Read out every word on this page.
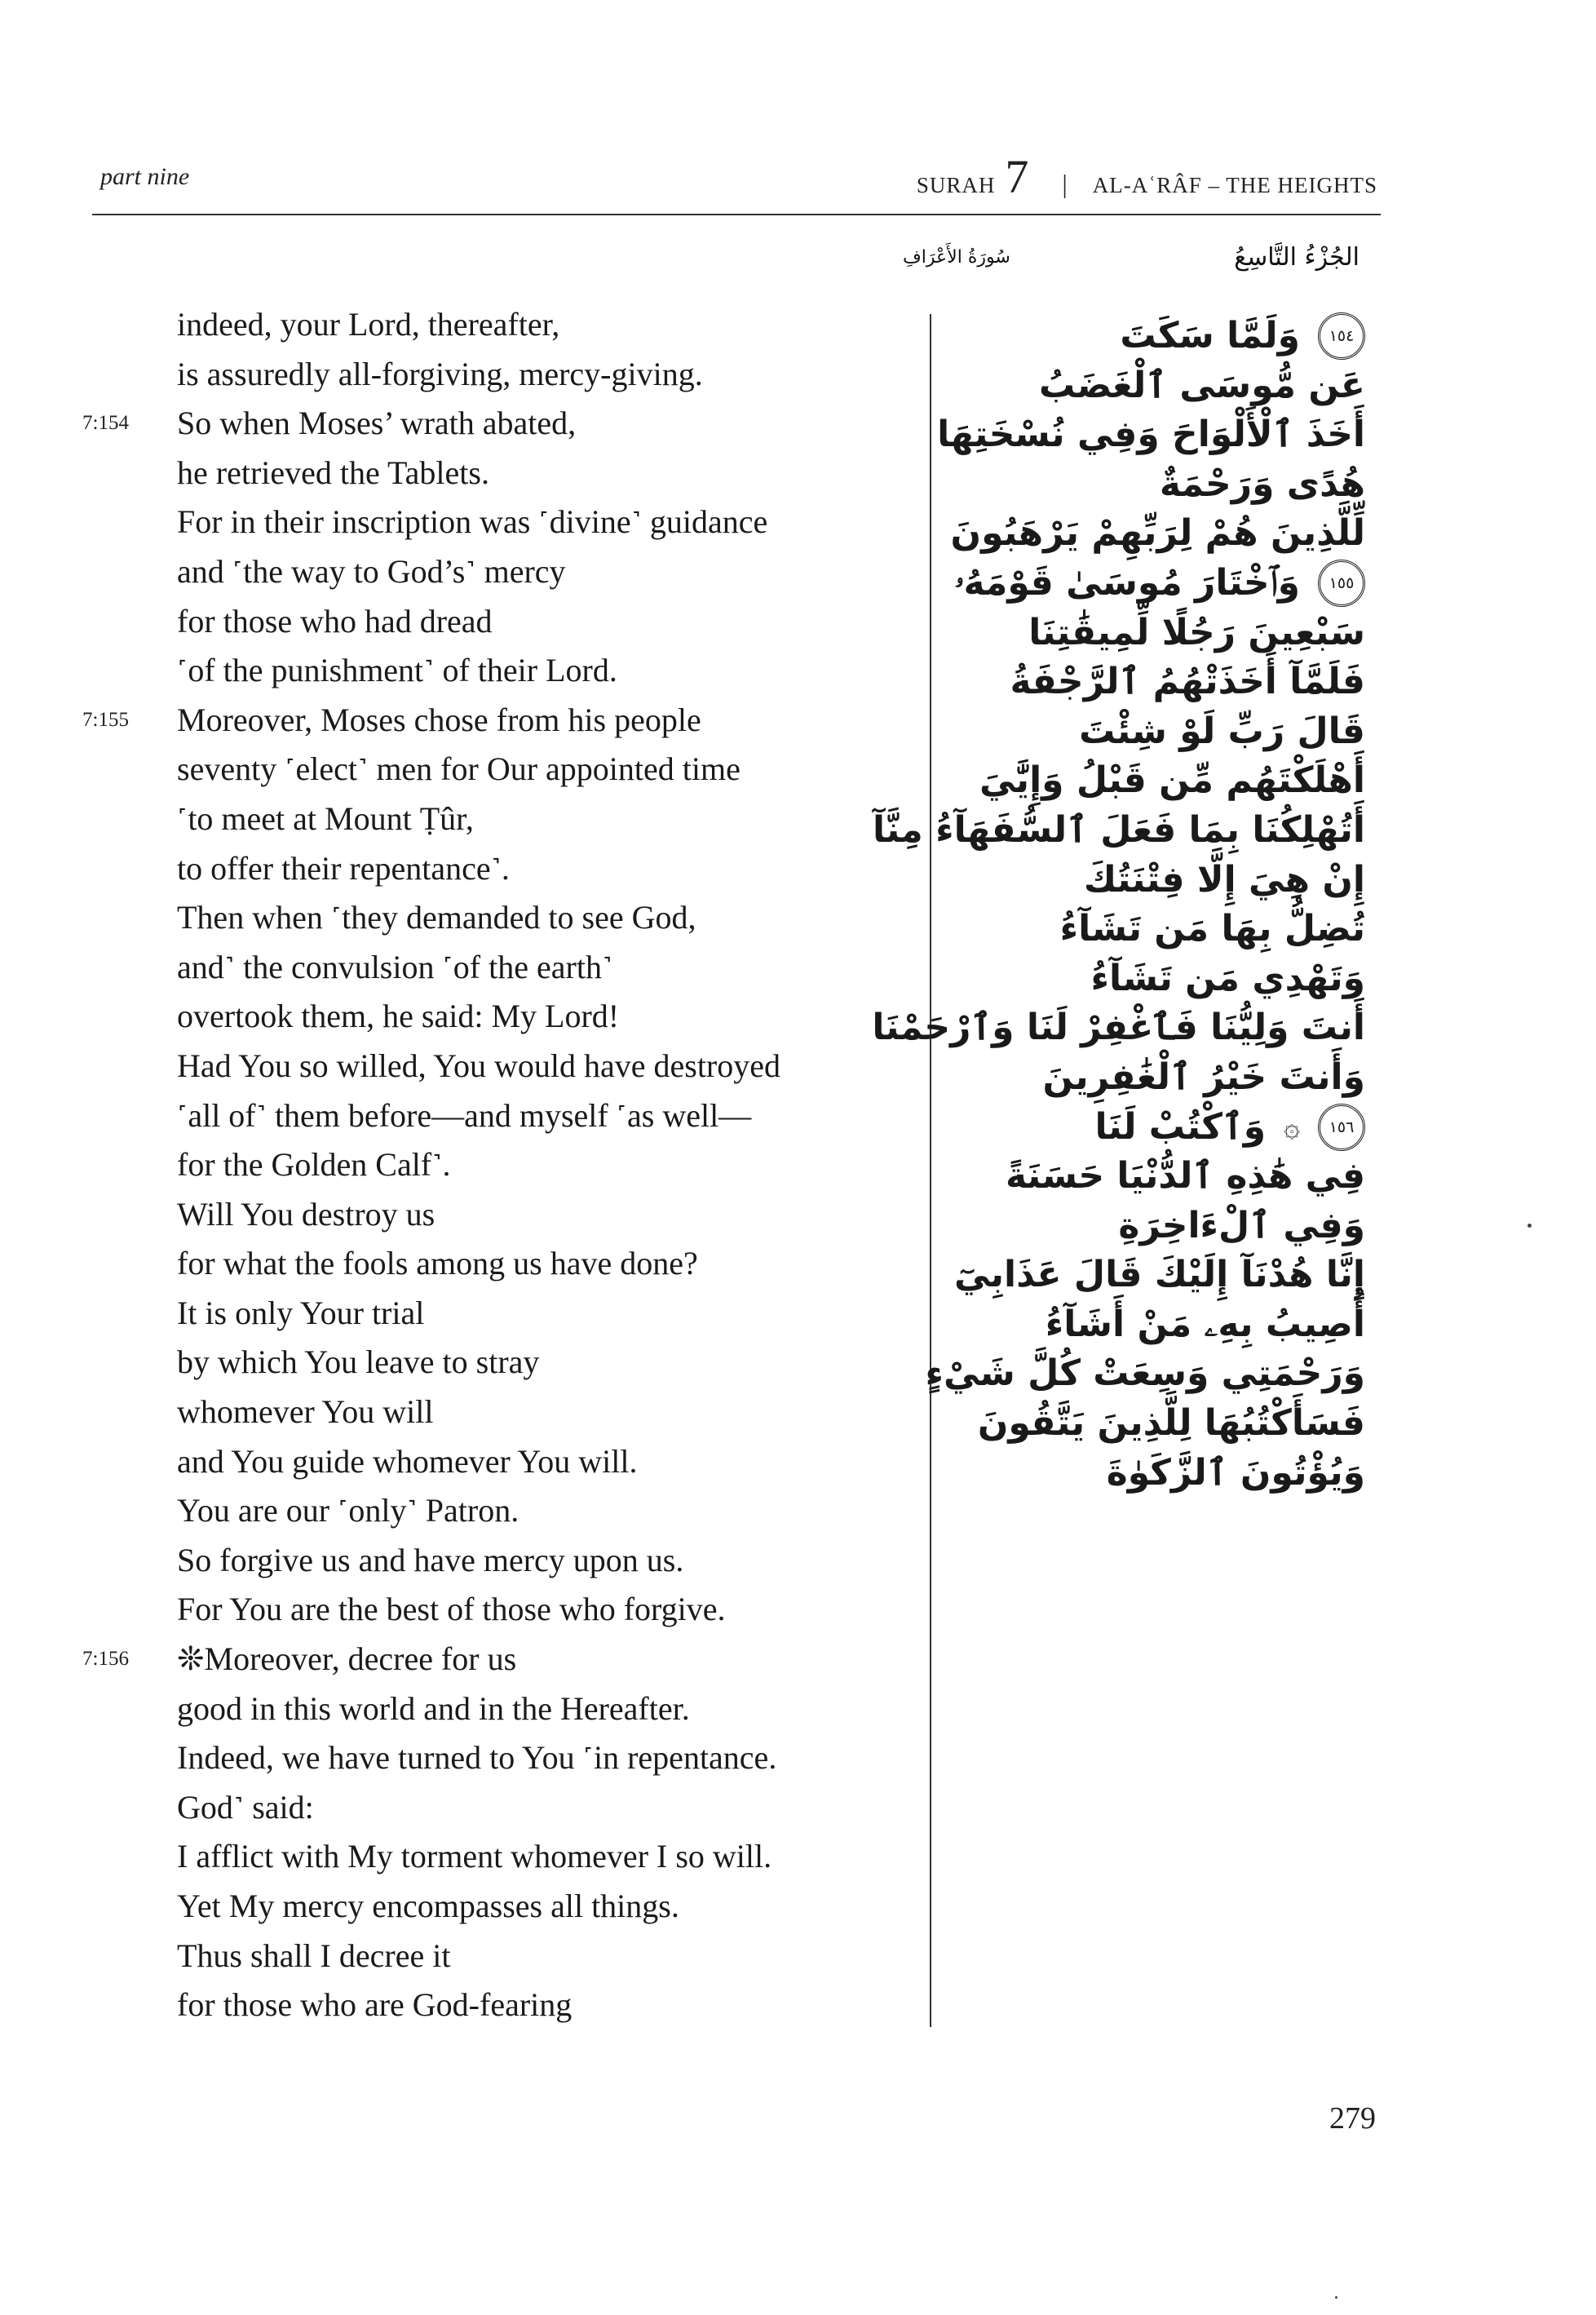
part nine	SURAH 7 | AL-AʿRÂF – THE HEIGHTS
سُورَةُ الأَعْرَافِ	الجُزْءُ التَّاسِعُ
indeed, your Lord, thereafter,
is assuredly all-forgiving, mercy-giving.
7:154 So when Moses’ wrath abated,
he retrieved the Tablets.
For in their inscription was ˹divine˺ guidance
and ˹the way to God’s˺ mercy
for those who had dread
˹of the punishment˺ of their Lord.
7:155 Moreover, Moses chose from his people
seventy ˹elect˺ men for Our appointed time
˹to meet at Mount Ṭûr,
to offer their repentance˺.
Then when ˹they demanded to see God,
and˺ the convulsion ˹of the earth˺
overtook them, he said: My Lord!
Had You so willed, You would have destroyed
˹all of˺ them before—and myself ˹as well—
for the Golden Calf˺.
Will You destroy us
for what the fools among us have done?
It is only Your trial
by which You leave to stray
whomever You will
and You guide whomever You will.
You are our ˹only˺ Patron.
So forgive us and have mercy upon us.
For You are the best of those who forgive.
7:156 ❊Moreover, decree for us
good in this world and in the Hereafter.
Indeed, we have turned to You ˹in repentance.
God˺ said:
I afflict with My torment whomever I so will.
Yet My mercy encompasses all things.
Thus shall I decree it
for those who are God-fearing
١٥٤
وَلَمَّا سَكَتَ
عَن مُّوسَى ٱلْغَضَبُ
أَخَذَ ٱلْأَلْوَاحَ وَفِي نُسْخَتِهَا
هُدًى وَرَحْمَةٌ
لِّلَّذِينَ هُمْ لِرَبِّهِمْ يَرْهَبُونَ
١٥٥
وَٱخْتَارَ مُوسَىٰ قَوْمَهُۥ
سَبْعِينَ رَجُلًا لِّمِيقَٰتِنَا
فَلَمَّآ أَخَذَتْهُمُ ٱلرَّجْفَةُ
قَالَ رَبِّ لَوْ شِئْتَ
أَهْلَكْتَهُم مِّن قَبْلُ وَإِيَّٰيَ
أَتُهْلِكُنَا بِمَا فَعَلَ ٱلسُّفَهَآءُ مِنَّآ
إِنْ هِيَ إِلَّا فِتْنَتُكَ
تُضِلُّ بِهَا مَن تَشَآءُ
وَتَهْدِي مَن تَشَآءُ
أَنتَ وَلِيُّنَا فَٱغْفِرْ لَنَا وَٱرْحَمْنَا
وَأَنتَ خَيْرُ ٱلْغَٰفِرِينَ
١٥٦
۞
وَٱكْتُبْ لَنَا
فِي هَٰذِهِ ٱلدُّنْيَا حَسَنَةً
وَفِي ٱلْءَاخِرَةِ
إِنَّا هُدْنَآ إِلَيْكَ قَالَ عَذَابِيٓ
أُصِيبُ بِهِۦ مَنْ أَشَآءُ
وَرَحْمَتِي وَسِعَتْ كُلَّ شَيْءٍ
فَسَأَكْتُبُهَا لِلَّذِينَ يَتَّقُونَ
وَيُؤْتُونَ ٱلزَّكَوٰةَ
279
